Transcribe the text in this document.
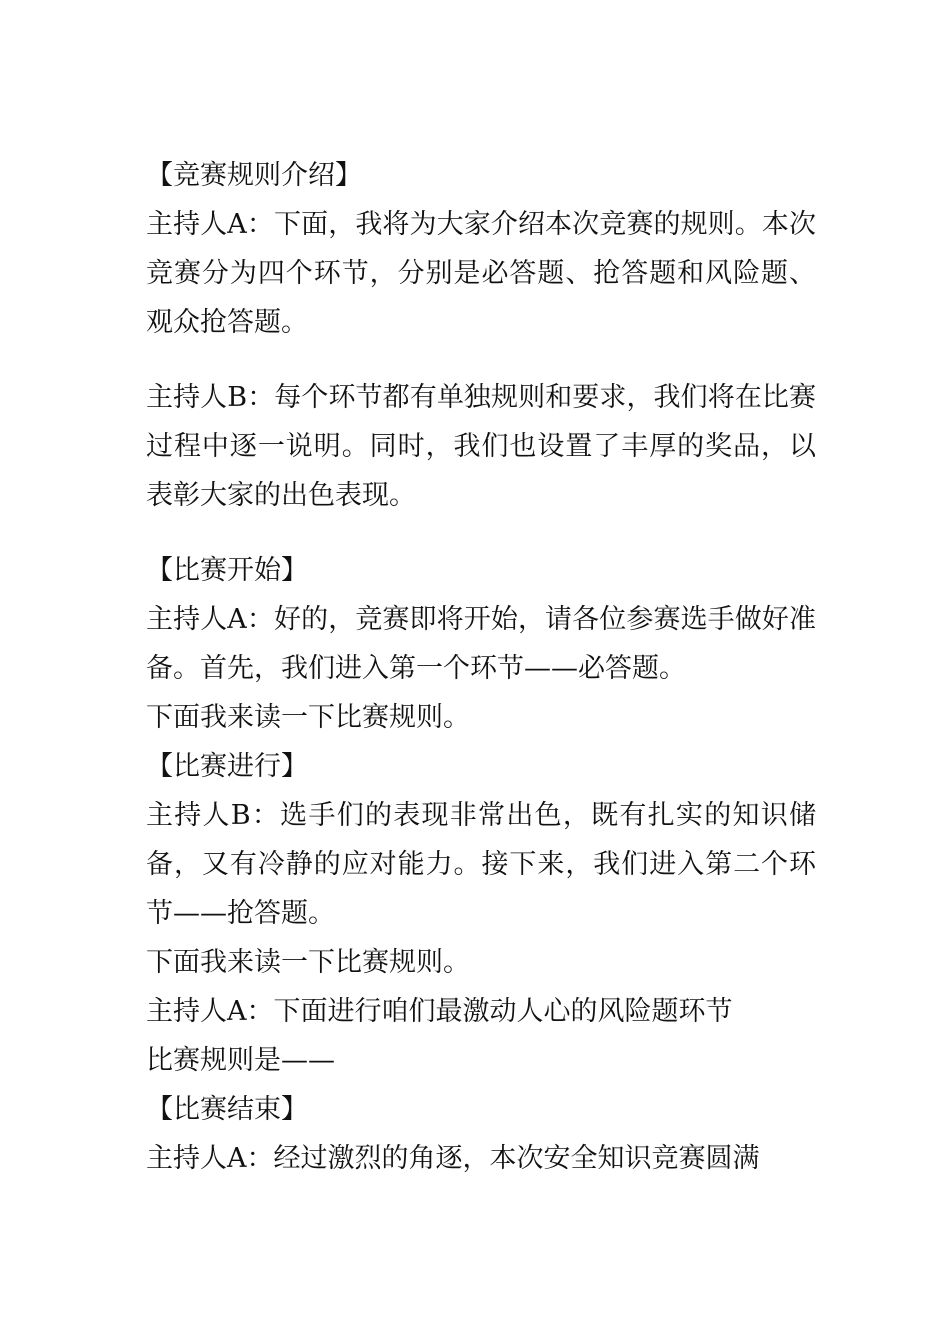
【竞赛规则介绍】

主持人A：下面，我将为大家介绍本次竞赛的规则。本次竞赛分为四个环节，分别是必答题、抢答题和风险题、观众抢答题。

主持人B：每个环节都有单独规则和要求，我们将在比赛过程中逐一说明。同时，我们也设置了丰厚的奖品，以表彰大家的出色表现。

【比赛开始】

主持人A：好的，竞赛即将开始，请各位参赛选手做好准备。首先，我们进入第一个环节——必答题。

下面我来读一下比赛规则。
【比赛进行】

主持人B：选手们的表现非常出色，既有扎实的知识储备，又有冷静的应对能力。接下来，我们进入第二个环节——抢答题。

下面我来读一下比赛规则。
主持人A：下面进行咱们最激动人心的风险题环节
比赛规则是——
【比赛结束】
主持人A：经过激烈的角逐，本次安全知识竞赛圆满
